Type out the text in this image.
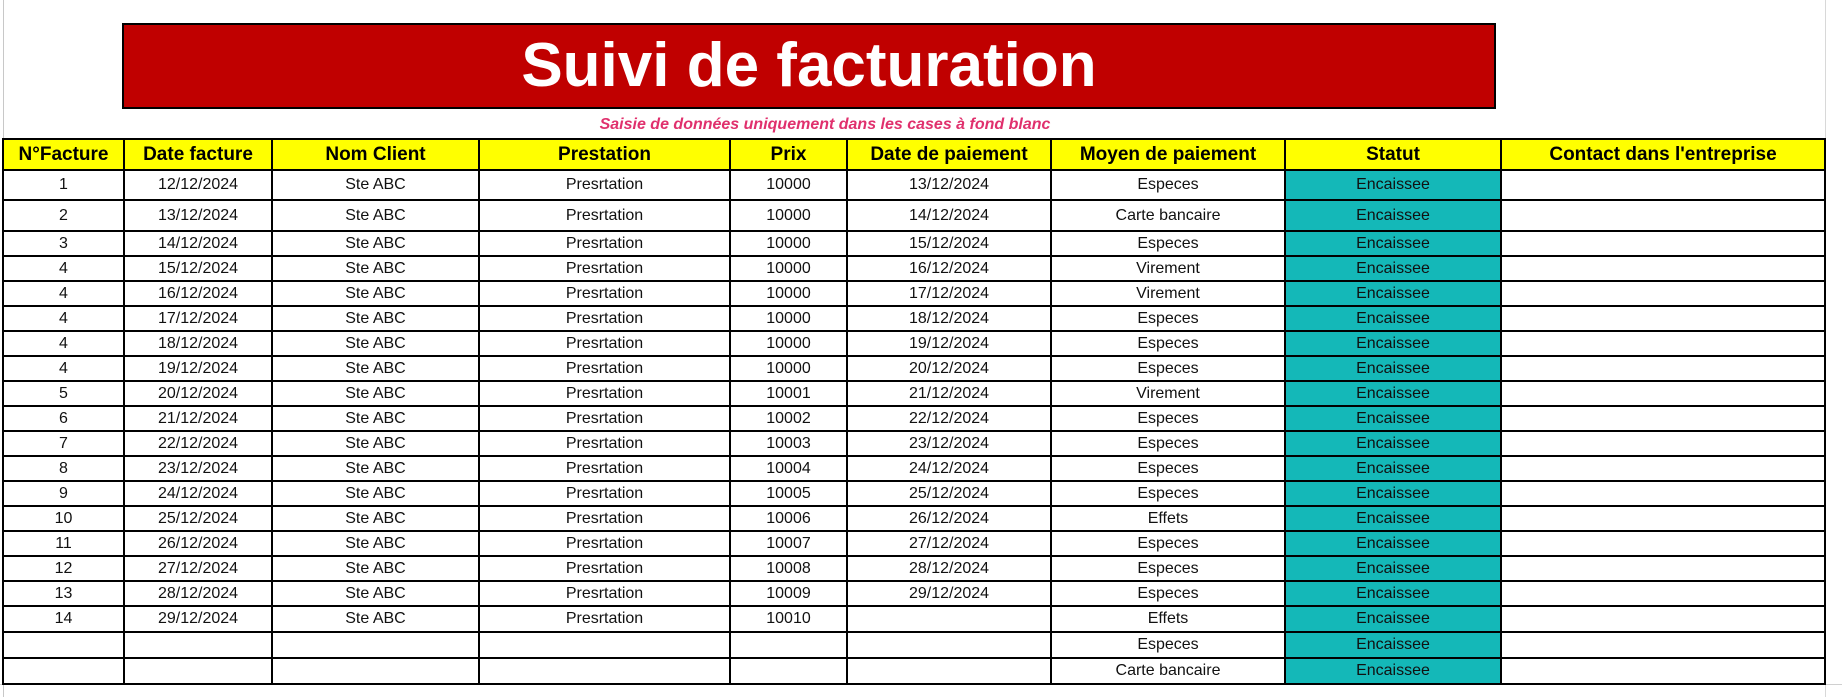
Suivi de facturation
Saisie de données uniquement dans les cases à fond blanc
N°Facture	Date facture	Nom Client	Prestation	Prix	Date de paiement	Moyen de paiement	Statut	Contact dans l'entreprise
1	12/12/2024	Ste ABC	Presrtation	10000	13/12/2024	Especes	Encaissee	
2	13/12/2024	Ste ABC	Presrtation	10000	14/12/2024	Carte bancaire	Encaissee	
3	14/12/2024	Ste ABC	Presrtation	10000	15/12/2024	Especes	Encaissee	
4	15/12/2024	Ste ABC	Presrtation	10000	16/12/2024	Virement	Encaissee	
4	16/12/2024	Ste ABC	Presrtation	10000	17/12/2024	Virement	Encaissee	
4	17/12/2024	Ste ABC	Presrtation	10000	18/12/2024	Especes	Encaissee	
4	18/12/2024	Ste ABC	Presrtation	10000	19/12/2024	Especes	Encaissee	
4	19/12/2024	Ste ABC	Presrtation	10000	20/12/2024	Especes	Encaissee	
5	20/12/2024	Ste ABC	Presrtation	10001	21/12/2024	Virement	Encaissee	
6	21/12/2024	Ste ABC	Presrtation	10002	22/12/2024	Especes	Encaissee	
7	22/12/2024	Ste ABC	Presrtation	10003	23/12/2024	Especes	Encaissee	
8	23/12/2024	Ste ABC	Presrtation	10004	24/12/2024	Especes	Encaissee	
9	24/12/2024	Ste ABC	Presrtation	10005	25/12/2024	Especes	Encaissee	
10	25/12/2024	Ste ABC	Presrtation	10006	26/12/2024	Effets	Encaissee	
11	26/12/2024	Ste ABC	Presrtation	10007	27/12/2024	Especes	Encaissee	
12	27/12/2024	Ste ABC	Presrtation	10008	28/12/2024	Especes	Encaissee	
13	28/12/2024	Ste ABC	Presrtation	10009	29/12/2024	Especes	Encaissee	
14	29/12/2024	Ste ABC	Presrtation	10010		Effets	Encaissee	
						Especes	Encaissee	
						Carte bancaire	Encaissee	
